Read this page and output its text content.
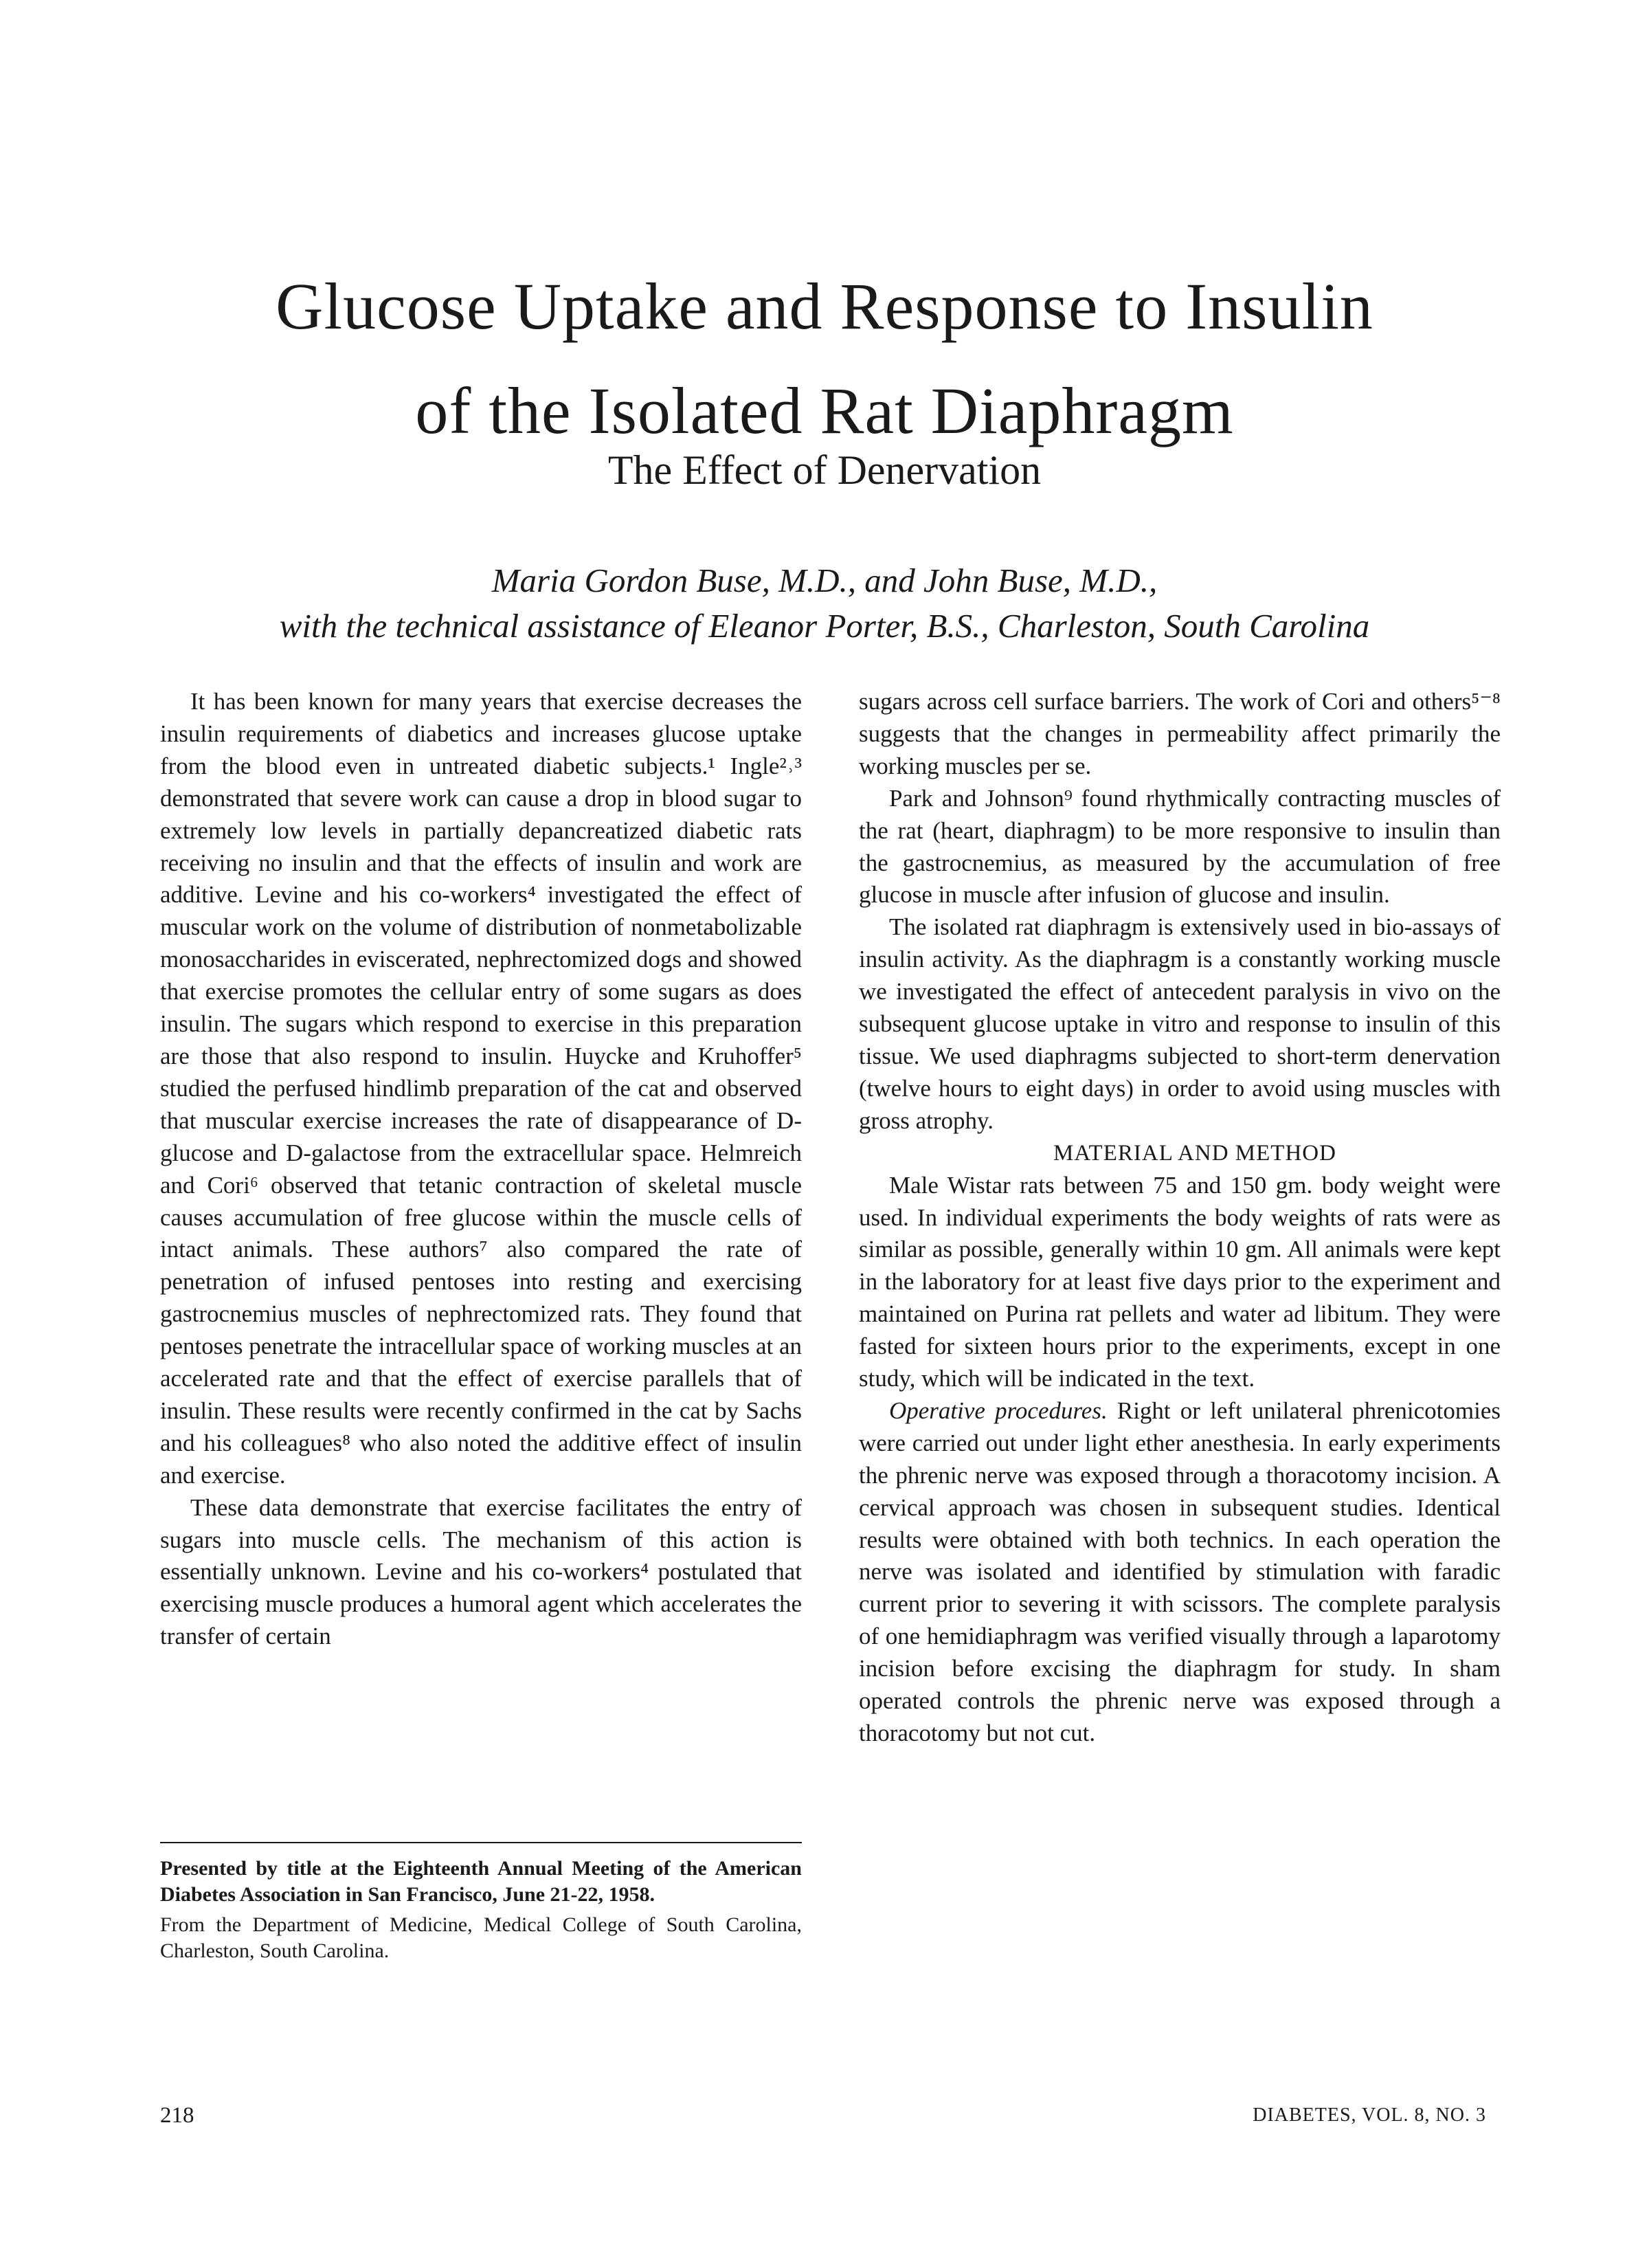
Glucose Uptake and Response to Insulin
of the Isolated Rat Diaphragm
The Effect of Denervation
Maria Gordon Buse, M.D., and John Buse, M.D.,
with the technical assistance of Eleanor Porter, B.S., Charleston, South Carolina

It has been known for many years that exercise decreases the insulin requirements of diabetics and increases glucose uptake from the blood even in untreated diabetic subjects.¹ Ingle²˒³ demonstrated that severe work can cause a drop in blood sugar to extremely low levels in partially depancreatized diabetic rats receiving no insulin and that the effects of insulin and work are additive. Levine and his co-workers⁴ investigated the effect of muscular work on the volume of distribution of nonmetabolizable monosaccharides in eviscerated, nephrectomized dogs and showed that exercise promotes the cellular entry of some sugars as does insulin. The sugars which respond to exercise in this preparation are those that also respond to insulin. Huycke and Kruhoffer⁵ studied the perfused hindlimb preparation of the cat and observed that muscular exercise increases the rate of disappearance of D-glucose and D-galactose from the extracellular space. Helmreich and Cori⁶ observed that tetanic contraction of skeletal muscle causes accumulation of free glucose within the muscle cells of intact animals. These authors⁷ also compared the rate of penetration of infused pentoses into resting and exercising gastrocnemius muscles of nephrectomized rats. They found that pentoses penetrate the intracellular space of working muscles at an accelerated rate and that the effect of exercise parallels that of insulin. These results were recently confirmed in the cat by Sachs and his colleagues⁸ who also noted the additive effect of insulin and exercise.

These data demonstrate that exercise facilitates the entry of sugars into muscle cells. The mechanism of this action is essentially unknown. Levine and his co-workers⁴ postulated that exercising muscle produces a humoral agent which accelerates the transfer of certain

sugars across cell surface barriers. The work of Cori and others⁵⁻⁸ suggests that the changes in permeability affect primarily the working muscles per se.

Park and Johnson⁹ found rhythmically contracting muscles of the rat (heart, diaphragm) to be more responsive to insulin than the gastrocnemius, as measured by the accumulation of free glucose in muscle after infusion of glucose and insulin.

The isolated rat diaphragm is extensively used in bio-assays of insulin activity. As the diaphragm is a constantly working muscle we investigated the effect of antecedent paralysis in vivo on the subsequent glucose uptake in vitro and response to insulin of this tissue. We used diaphragms subjected to short-term denervation (twelve hours to eight days) in order to avoid using muscles with gross atrophy.

MATERIAL AND METHOD

Male Wistar rats between 75 and 150 gm. body weight were used. In individual experiments the body weights of rats were as similar as possible, generally within 10 gm. All animals were kept in the laboratory for at least five days prior to the experiment and maintained on Purina rat pellets and water ad libitum. They were fasted for sixteen hours prior to the experiments, except in one study, which will be indicated in the text.

Operative procedures. Right or left unilateral phrenicotomies were carried out under light ether anesthesia. In early experiments the phrenic nerve was exposed through a thoracotomy incision. A cervical approach was chosen in subsequent studies. Identical results were obtained with both technics. In each operation the nerve was isolated and identified by stimulation with faradic current prior to severing it with scissors. The complete paralysis of one hemidiaphragm was verified visually through a laparotomy incision before excising the diaphragm for study. In sham operated controls the phrenic nerve was exposed through a thoracotomy but not cut.

Presented by title at the Eighteenth Annual Meeting of the American Diabetes Association in San Francisco, June 21-22, 1958.

From the Department of Medicine, Medical College of South Carolina, Charleston, South Carolina.

218	DIABETES, VOL. 8, NO. 3
